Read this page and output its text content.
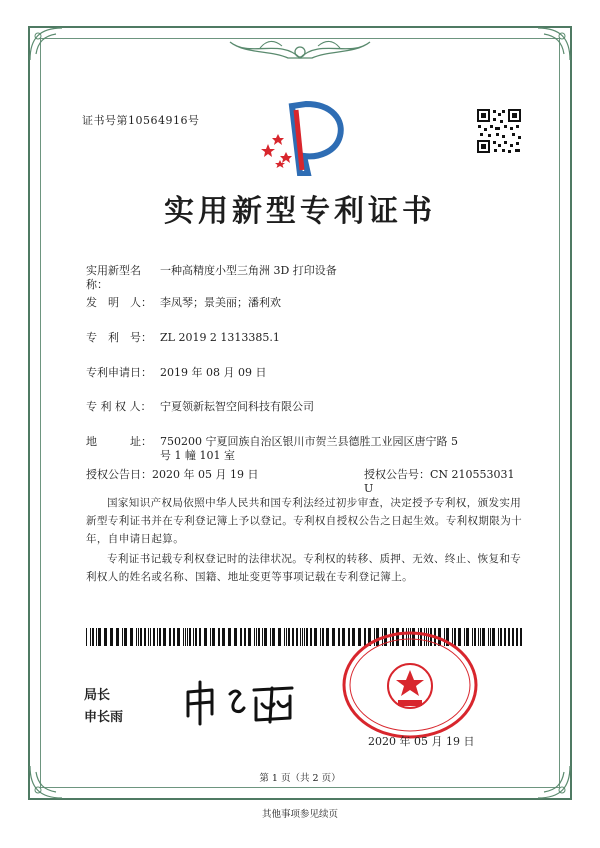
证书号第10564916号
实用新型专利证书
实用新型名称：
一种高精度小型三角洲 3D 打印设备
发　明　人： 李凤琴；景美丽；潘利欢
专　利　号： ZL 2019 2 1313385.1
专利申请日： 2019 年 08 月 09 日
专 利 权 人： 宁夏领新耘智空间科技有限公司
地　　　址： 750200 宁夏回族自治区银川市贺兰县德胜工业园区唐宁路 5 号 1 幢 101 室
授权公告日：2020 年 05 月 19 日	授权公告号：CN 210553031 U
国家知识产权局依照中华人民共和国专利法经过初步审查，决定授予专利权，颁发实用新型专利证书并在专利登记簿上予以登记。专利权自授权公告之日起生效。专利权期限为十年，自申请日起算。
专利证书记载专利权登记时的法律状况。专利权的转移、质押、无效、终止、恢复和专利权人的姓名或名称、国籍、地址变更等事项记载在专利登记簿上。
局长
申长雨
2020 年 05 月 19 日
第 1 页（共 2 页）
其他事项参见续页
